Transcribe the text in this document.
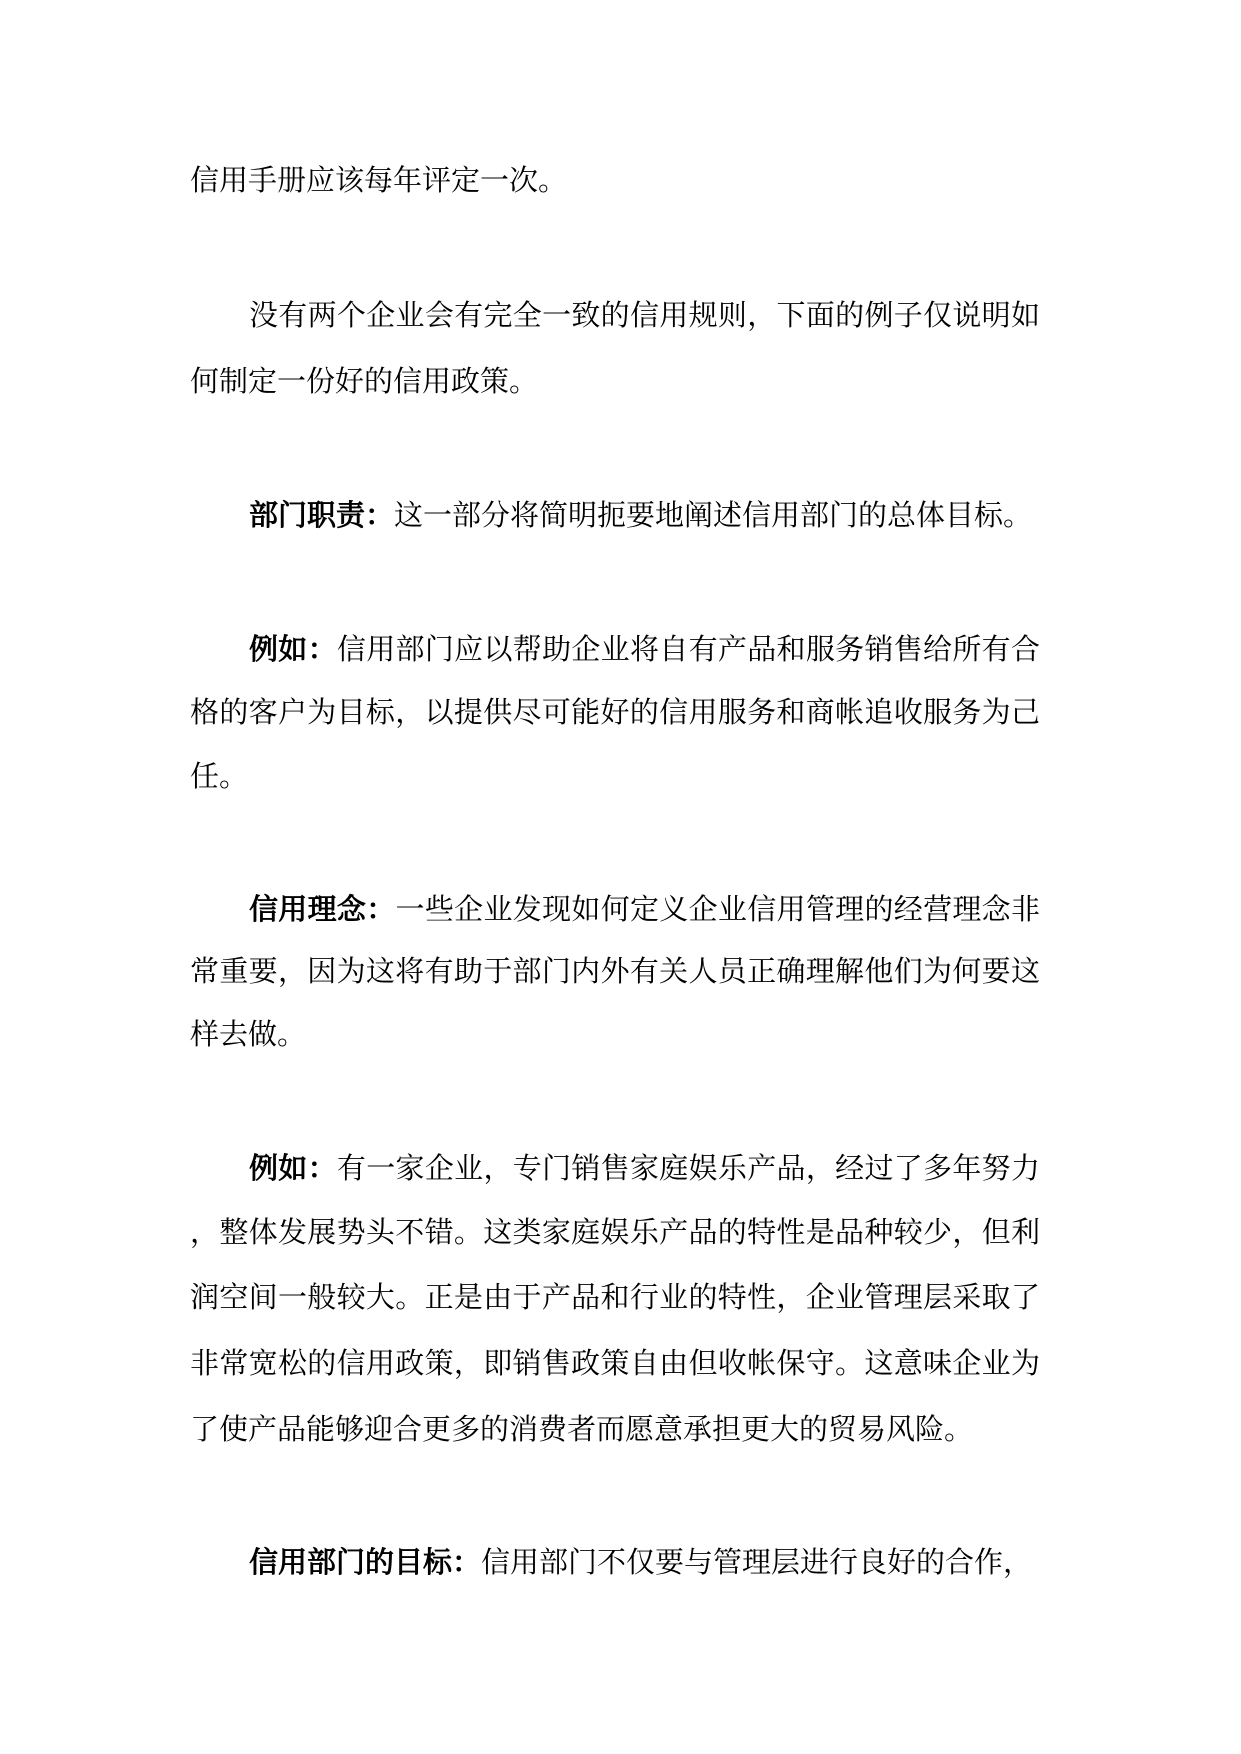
信用手册应该每年评定一次。
没有两个企业会有完全一致的信用规则，下面的例子仅说明如
何制定一份好的信用政策。
部门职责：这一部分将简明扼要地阐述信用部门的总体目标。
例如：信用部门应以帮助企业将自有产品和服务销售给所有合
格的客户为目标，以提供尽可能好的信用服务和商帐追收服务为己
任。
信用理念：一些企业发现如何定义企业信用管理的经营理念非
常重要，因为这将有助于部门内外有关人员正确理解他们为何要这
样去做。
例如：有一家企业，专门销售家庭娱乐产品，经过了多年努力
，整体发展势头不错。这类家庭娱乐产品的特性是品种较少，但利
润空间一般较大。正是由于产品和行业的特性，企业管理层采取了
非常宽松的信用政策，即销售政策自由但收帐保守。这意味企业为
了使产品能够迎合更多的消费者而愿意承担更大的贸易风险。
信用部门的目标：信用部门不仅要与管理层进行良好的合作，
